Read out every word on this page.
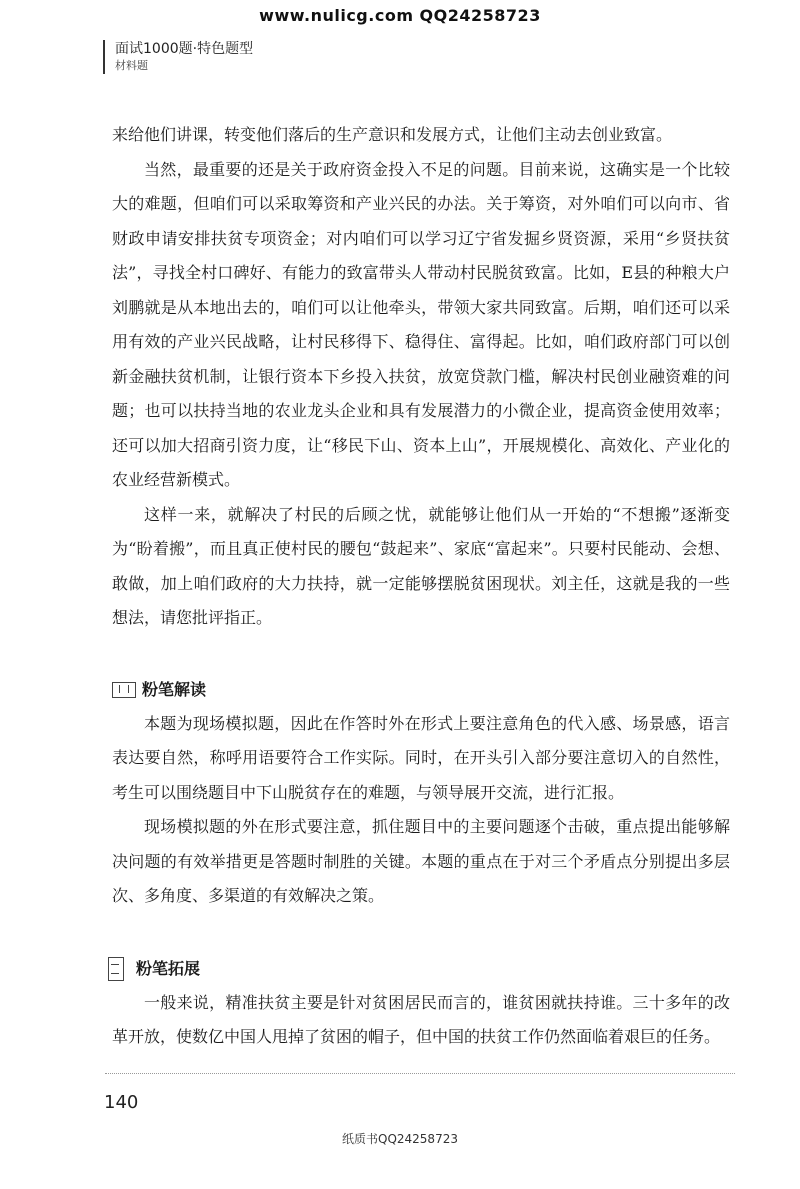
www.nulicg.com QQ24258723
面试1000题·特色题型
材料题

来给他们讲课，转变他们落后的生产意识和发展方式，让他们主动去创业致富。

当然，最重要的还是关于政府资金投入不足的问题。目前来说，这确实是一个比较大的难题，但咱们可以采取筹资和产业兴民的办法。关于筹资，对外咱们可以向市、省财政申请安排扶贫专项资金；对内咱们可以学习辽宁省发掘乡贤资源，采用“乡贤扶贫法”，寻找全村口碑好、有能力的致富带头人带动村民脱贫致富。比如，E县的种粮大户刘鹏就是从本地出去的，咱们可以让他牵头，带领大家共同致富。后期，咱们还可以采用有效的产业兴民战略，让村民移得下、稳得住、富得起。比如，咱们政府部门可以创新金融扶贫机制，让银行资本下乡投入扶贫，放宽贷款门槛，解决村民创业融资难的问题；也可以扶持当地的农业龙头企业和具有发展潜力的小微企业，提高资金使用效率；还可以加大招商引资力度，让“移民下山、资本上山”，开展规模化、高效化、产业化的农业经营新模式。

这样一来，就解决了村民的后顾之忧，就能够让他们从一开始的“不想搬”逐渐变为“盼着搬”，而且真正使村民的腰包“鼓起来”、家底“富起来”。只要村民能动、会想、敢做，加上咱们政府的大力扶持，就一定能够摆脱贫困现状。刘主任，这就是我的一些想法，请您批评指正。

粉笔解读

本题为现场模拟题，因此在作答时外在形式上要注意角色的代入感、场景感，语言表达要自然，称呼用语要符合工作实际。同时，在开头引入部分要注意切入的自然性，考生可以围绕题目中下山脱贫存在的难题，与领导展开交流，进行汇报。

现场模拟题的外在形式要注意，抓住题目中的主要问题逐个击破，重点提出能够解决问题的有效举措更是答题时制胜的关键。本题的重点在于对三个矛盾点分别提出多层次、多角度、多渠道的有效解决之策。

粉笔拓展

一般来说，精准扶贫主要是针对贫困居民而言的，谁贫困就扶持谁。三十多年的改革开放，使数亿中国人甩掉了贫困的帽子，但中国的扶贫工作仍然面临着艰巨的任务。

140
纸质书QQ24258723
